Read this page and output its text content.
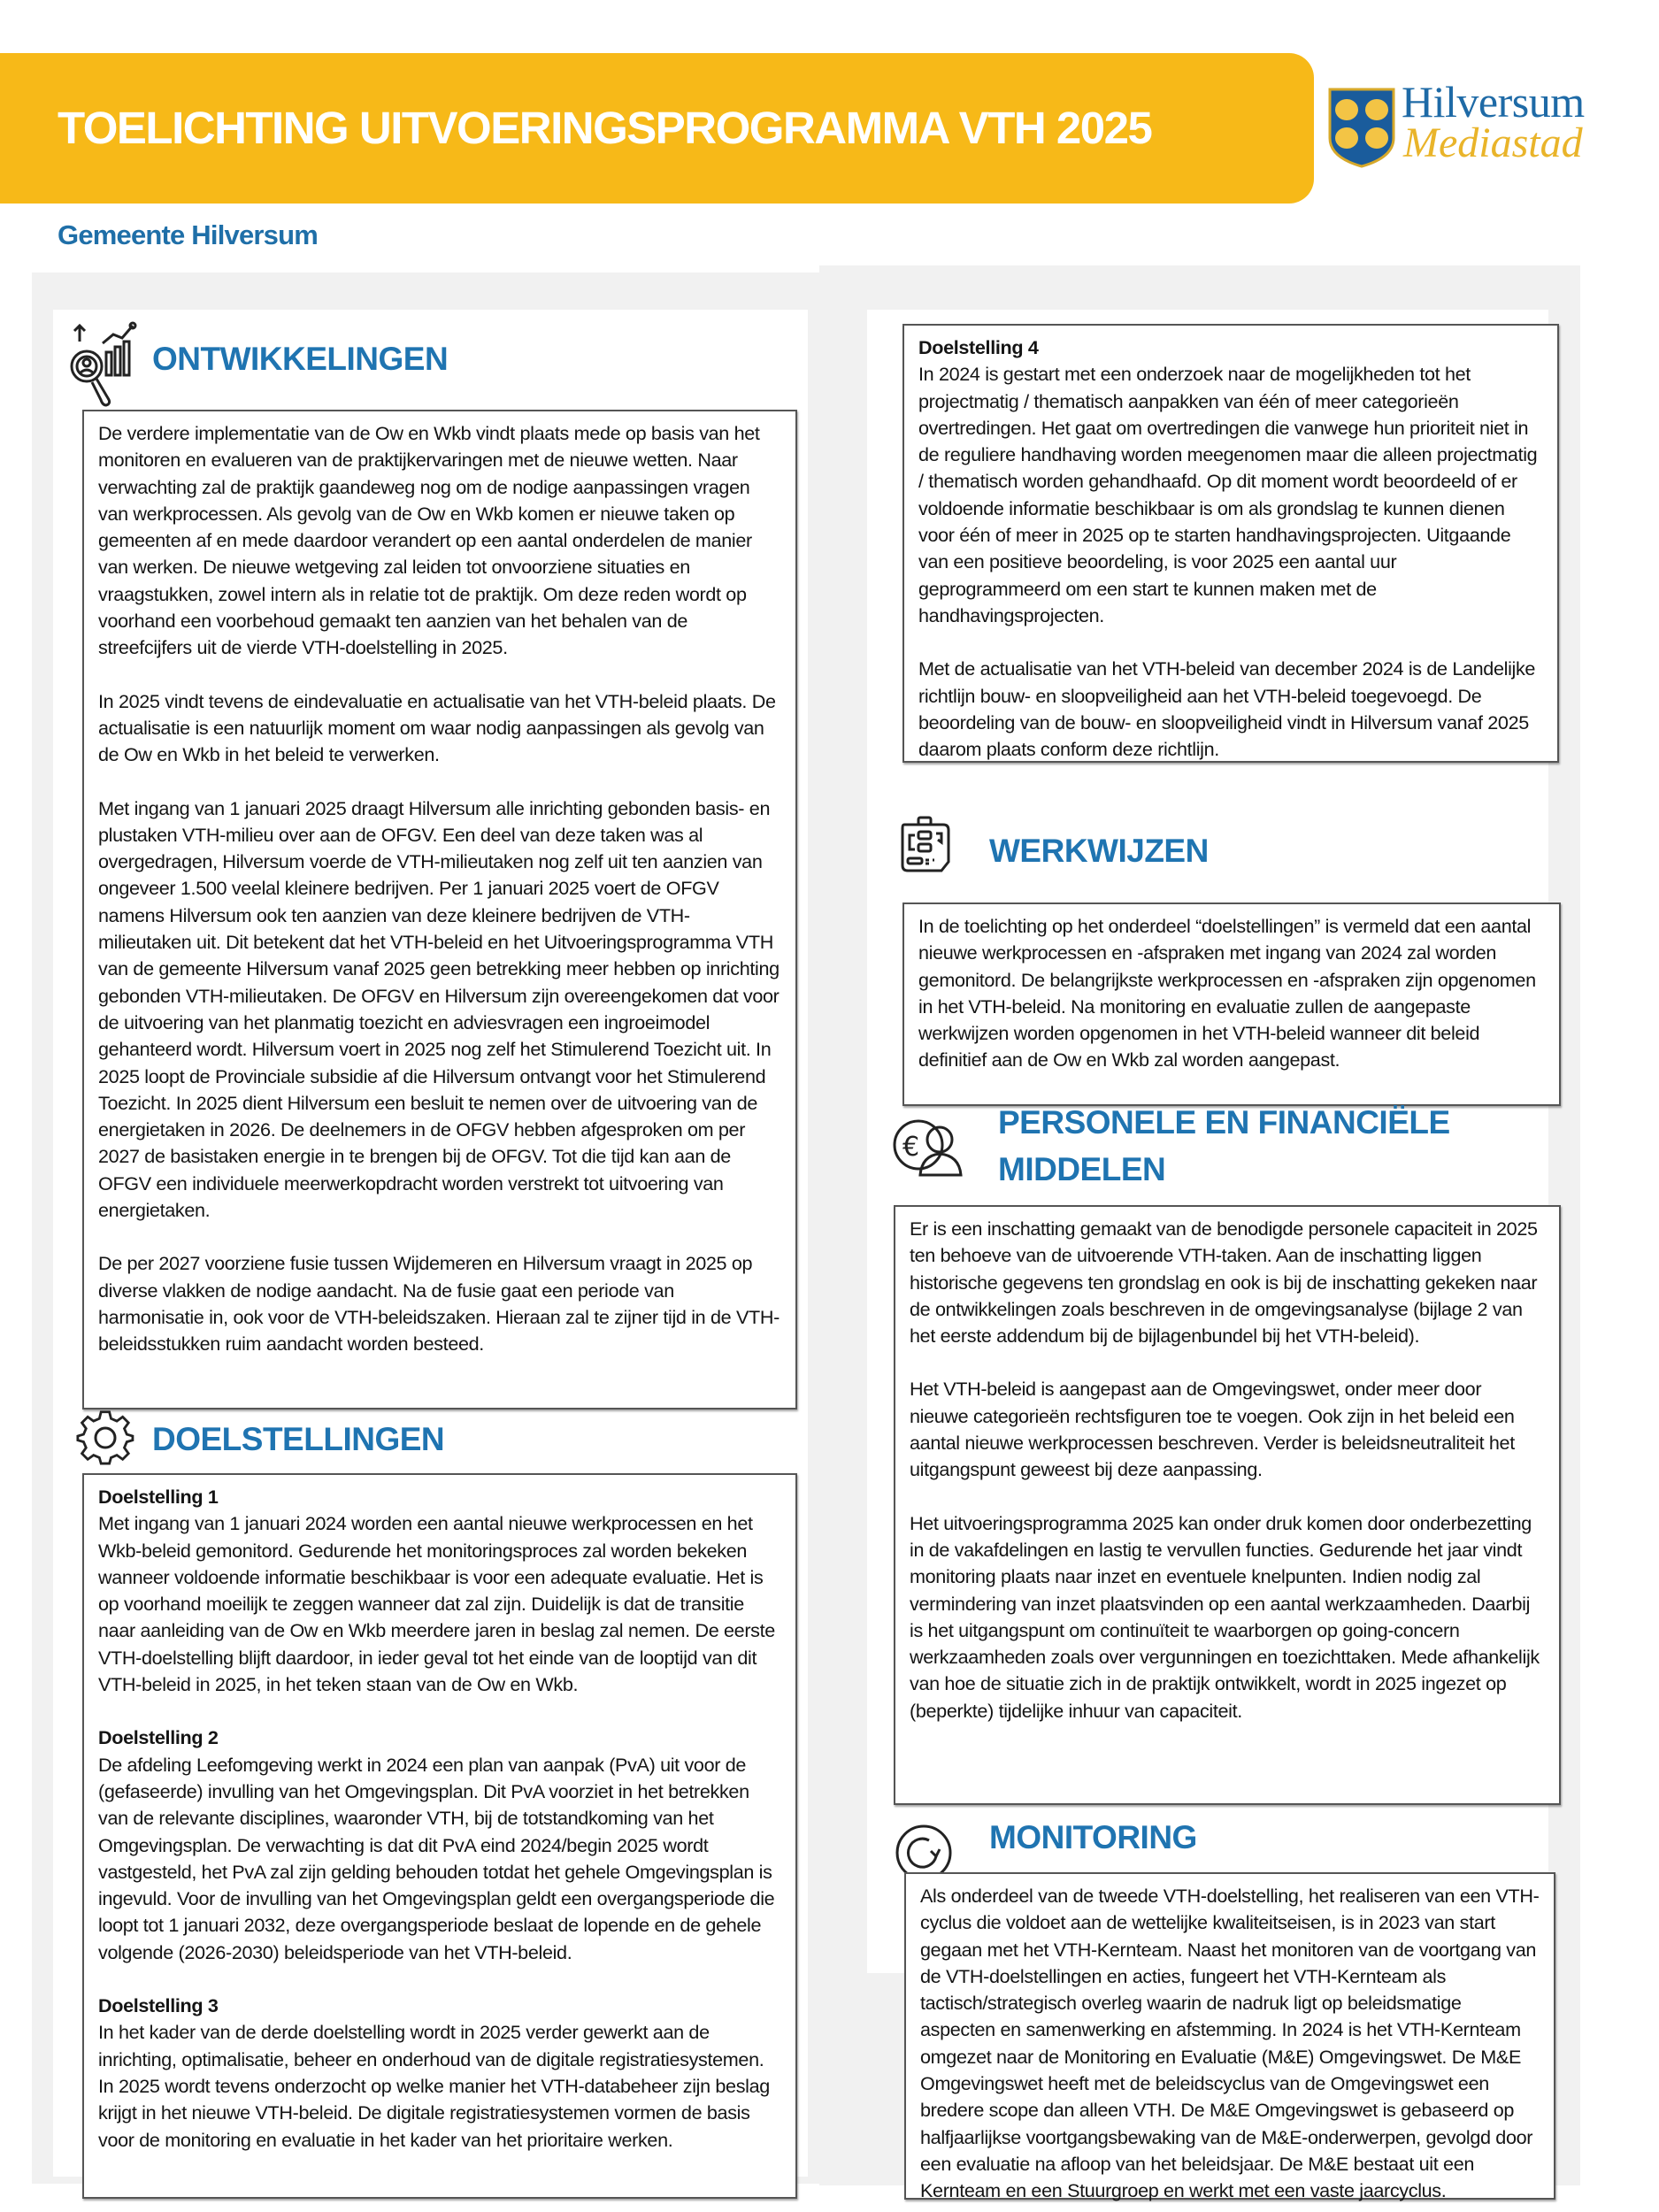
TOELICHTING UITVOERINGSPROGRAMMA VTH 2025
Hilversum
Mediastad
Gemeente Hilversum
ONTWIKKELINGEN

De verdere implementatie van de Ow en Wkb vindt plaats mede op basis van het monitoren en evalueren van de praktijkervaringen met de nieuwe wetten. Naar verwachting zal de praktijk gaandeweg nog om de nodige aanpassingen vragen van werkprocessen. Als gevolg van de Ow en Wkb komen er nieuwe taken op gemeenten af en mede daardoor verandert op een aantal onderdelen de manier van werken. De nieuwe wetgeving zal leiden tot onvoorziene situaties en vraagstukken, zowel intern als in relatie tot de praktijk. Om deze reden wordt op voorhand een voorbehoud gemaakt ten aanzien van het behalen van de streefcijfers uit de vierde VTH-doelstelling in 2025.

In 2025 vindt tevens de eindevaluatie en actualisatie van het VTH-beleid plaats. De actualisatie is een natuurlijk moment om waar nodig aanpassingen als gevolg van de Ow en Wkb in het beleid te verwerken.

Met ingang van 1 januari 2025 draagt Hilversum alle inrichting gebonden basis- en plustaken VTH-milieu over aan de OFGV. Een deel van deze taken was al overgedragen, Hilversum voerde de VTH-milieutaken nog zelf uit ten aanzien van ongeveer 1.500 veelal kleinere bedrijven. Per 1 januari 2025 voert de OFGV namens Hilversum ook ten aanzien van deze kleinere bedrijven de VTH-milieutaken uit. Dit betekent dat het VTH-beleid en het Uitvoeringsprogramma VTH van de gemeente Hilversum vanaf 2025 geen betrekking meer hebben op inrichting gebonden VTH-milieutaken. De OFGV en Hilversum zijn overeengekomen dat voor de uitvoering van het planmatig toezicht en adviesvragen een ingroeimodel gehanteerd wordt. Hilversum voert in 2025 nog zelf het Stimulerend Toezicht uit. In 2025 loopt de Provinciale subsidie af die Hilversum ontvangt voor het Stimulerend Toezicht. In 2025 dient Hilversum een besluit te nemen over de uitvoering van de energietaken in 2026. De deelnemers in de OFGV hebben afgesproken om per 2027 de basistaken energie in te brengen bij de OFGV. Tot die tijd kan aan de OFGV een individuele meerwerkopdracht worden verstrekt tot uitvoering van energietaken.

De per 2027 voorziene fusie tussen Wijdemeren en Hilversum vraagt in 2025 op diverse vlakken de nodige aandacht. Na de fusie gaat een periode van harmonisatie in, ook voor de VTH-beleidszaken. Hieraan zal te zijner tijd in de VTH-beleidsstukken ruim aandacht worden besteed.

DOELSTELLINGEN
Doelstelling 1

Met ingang van 1 januari 2024 worden een aantal nieuwe werkprocessen en het Wkb-beleid gemonitord. Gedurende het monitoringsproces zal worden bekeken wanneer voldoende informatie beschikbaar is voor een adequate evaluatie. Het is op voorhand moeilijk te zeggen wanneer dat zal zijn. Duidelijk is dat de transitie naar aanleiding van de Ow en Wkb meerdere jaren in beslag zal nemen. De eerste VTH-doelstelling blijft daardoor, in ieder geval tot het einde van de looptijd van dit VTH-beleid in 2025, in het teken staan van de Ow en Wkb.

Doelstelling 2

De afdeling Leefomgeving werkt in 2024 een plan van aanpak (PvA) uit voor de (gefaseerde) invulling van het Omgevingsplan. Dit PvA voorziet in het betrekken van de relevante disciplines, waaronder VTH, bij de totstandkoming van het Omgevingsplan. De verwachting is dat dit PvA eind 2024/begin 2025 wordt vastgesteld, het PvA zal zijn gelding behouden totdat het gehele Omgevingsplan is ingevuld. Voor de invulling van het Omgevingsplan geldt een overgangsperiode die loopt tot 1 januari 2032, deze overgangsperiode beslaat de lopende en de gehele volgende (2026-2030) beleidsperiode van het VTH-beleid.

Doelstelling 3

In het kader van de derde doelstelling wordt in 2025 verder gewerkt aan de inrichting, optimalisatie, beheer en onderhoud van de digitale registratiesystemen. In 2025 wordt tevens onderzocht op welke manier het VTH-databeheer zijn beslag krijgt in het nieuwe VTH-beleid. De digitale registratiesystemen vormen de basis voor de monitoring en evaluatie in het kader van het prioritaire werken.

Doelstelling 4

In 2024 is gestart met een onderzoek naar de mogelijkheden tot het projectmatig / thematisch aanpakken van één of meer categorieën overtredingen. Het gaat om overtredingen die vanwege hun prioriteit niet in de reguliere handhaving worden meegenomen maar die alleen projectmatig / thematisch worden gehandhaafd. Op dit moment wordt beoordeeld of er voldoende informatie beschikbaar is om als grondslag te kunnen dienen voor één of meer in 2025 op te starten handhavingsprojecten. Uitgaande van een positieve beoordeling, is voor 2025 een aantal uur geprogrammeerd om een start te kunnen maken met de handhavingsprojecten.

Met de actualisatie van het VTH-beleid van december 2024 is de Landelijke richtlijn bouw- en sloopveiligheid aan het VTH-beleid toegevoegd. De beoordeling van de bouw- en sloopveiligheid vindt in Hilversum vanaf 2025 daarom plaats conform deze richtlijn.

WERKWIJZEN

In de toelichting op het onderdeel “doelstellingen” is vermeld dat een aantal nieuwe werkprocessen en -afspraken met ingang van 2024 zal worden gemonitord. De belangrijkste werkprocessen en -afspraken zijn opgenomen in het VTH-beleid. Na monitoring en evaluatie zullen de aangepaste werkwijzen worden opgenomen in het VTH-beleid wanneer dit beleid definitief aan de Ow en Wkb zal worden aangepast.

€
PERSONELE EN FINANCIËLE
MIDDELEN

Er is een inschatting gemaakt van de benodigde personele capaciteit in 2025 ten behoeve van de uitvoerende VTH-taken. Aan de inschatting liggen historische gegevens ten grondslag en ook is bij de inschatting gekeken naar de ontwikkelingen zoals beschreven in de omgevingsanalyse (bijlage 2 van het eerste addendum bij de bijlagenbundel bij het VTH-beleid).

Het VTH-beleid is aangepast aan de Omgevingswet, onder meer door nieuwe categorieën rechtsfiguren toe te voegen. Ook zijn in het beleid een aantal nieuwe werkprocessen beschreven. Verder is beleidsneutraliteit het uitgangspunt geweest bij deze aanpassing.

Het uitvoeringsprogramma 2025 kan onder druk komen door onderbezetting in de vakafdelingen en lastig te vervullen functies. Gedurende het jaar vindt monitoring plaats naar inzet en eventuele knelpunten. Indien nodig zal vermindering van inzet plaatsvinden op een aantal werkzaamheden. Daarbij is het uitgangspunt om continuïteit te waarborgen op going-concern werkzaamheden zoals over vergunningen en toezichttaken. Mede afhankelijk van hoe de situatie zich in de praktijk ontwikkelt, wordt in 2025 ingezet op (beperkte) tijdelijke inhuur van capaciteit.

MONITORING

Als onderdeel van de tweede VTH-doelstelling, het realiseren van een VTH-cyclus die voldoet aan de wettelijke kwaliteitseisen, is in 2023 van start gegaan met het VTH-Kernteam. Naast het monitoren van de voortgang van de VTH-doelstellingen en acties, fungeert het VTH-Kernteam als tactisch/strategisch overleg waarin de nadruk ligt op beleidsmatige aspecten en samenwerking en afstemming. In 2024 is het VTH-Kernteam omgezet naar de Monitoring en Evaluatie (M&E) Omgevingswet. De M&E Omgevingswet heeft met de beleidscyclus van de Omgevingswet een bredere scope dan alleen VTH. De M&E Omgevingswet is gebaseerd op halfjaarlijkse voortgangsbewaking van de M&E-onderwerpen, gevolgd door een evaluatie na afloop van het beleidsjaar. De M&E bestaat uit een Kernteam en een Stuurgroep en werkt met een vaste jaarcyclus.
